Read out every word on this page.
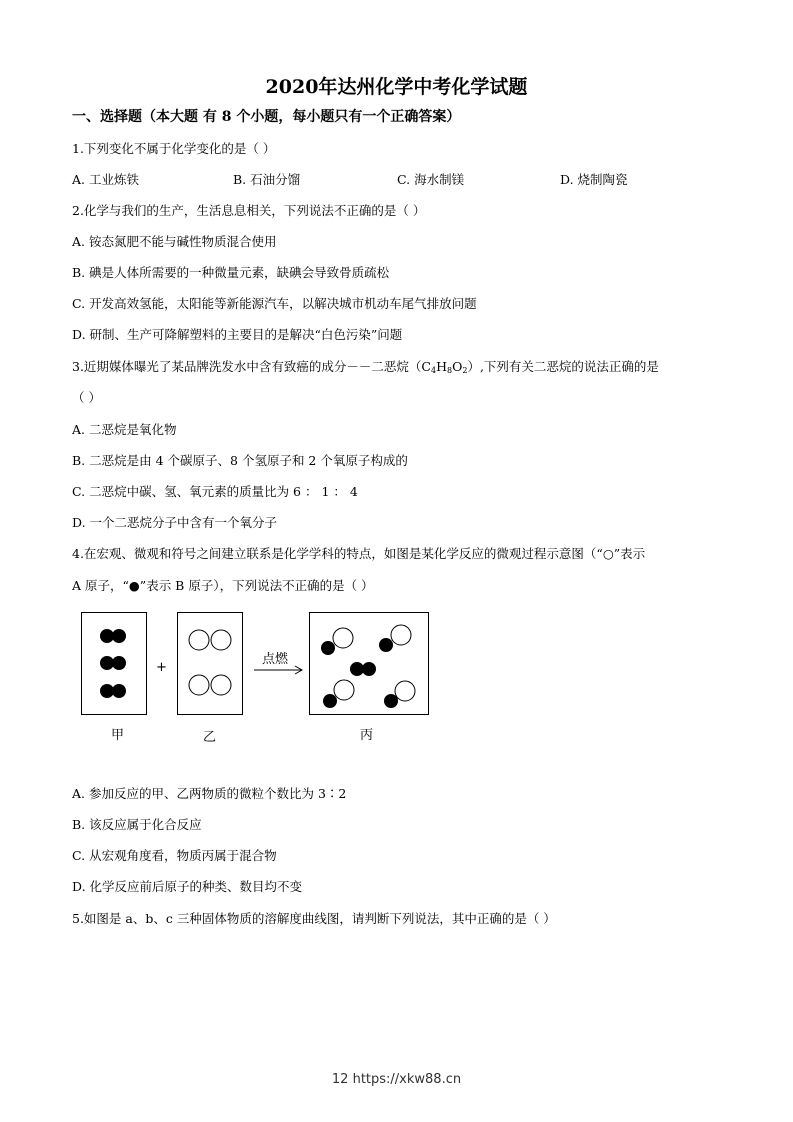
2020年达州化学中考化学试题
一、选择题（本大题 有 8 个小题，每小题只有一个正确答案）
1.下列变化不属于化学变化的是（ ）
A. 工业炼铁	B. 石油分馏	C. 海水制镁	D. 烧制陶瓷
2.化学与我们的生产，生活息息相关，下列说法不正确的是（ ）
A. 铵态氮肥不能与碱性物质混合使用
B. 碘是人体所需要的一种微量元素，缺碘会导致骨质疏松
C. 开发高效氢能，太阳能等新能源汽车，以解决城市机动车尾气排放问题
D. 研制、生产可降解塑料的主要目的是解决“白色污染”问题
3.近期媒体曝光了某品牌洗发水中含有致癌的成分－－二恶烷$(C_4H_8O_2)$,下列有关二恶烷的说法正确的是
（ ）
A. 二恶烷是氧化物
B. 二恶烷是由 4 个碳原子、8 个氢原子和 2 个氧原子构成的
C. 二恶烷中碳、氢、氧元素的质量比为 6 ： 1 ： 4
D. 一个二恶烷分子中含有一个氧分子
4.在宏观、微观和符号之间建立联系是化学学科的特点，如图是某化学反应的微观过程示意图（“○”表示
A 原子，“●”表示 B 原子），下列说法不正确的是（ ）
+
点燃
甲	乙	丙
A. 参加反应的甲、乙两物质的微粒个数比为 3∶2
B. 该反应属于化合反应
C. 从宏观角度看，物质丙属于混合物
D. 化学反应前后原子的种类、数目均不变
5.如图是 a、b、c 三种固体物质的溶解度曲线图，请判断下列说法，其中正确的是（ ）
12 https://xkw88.cn
